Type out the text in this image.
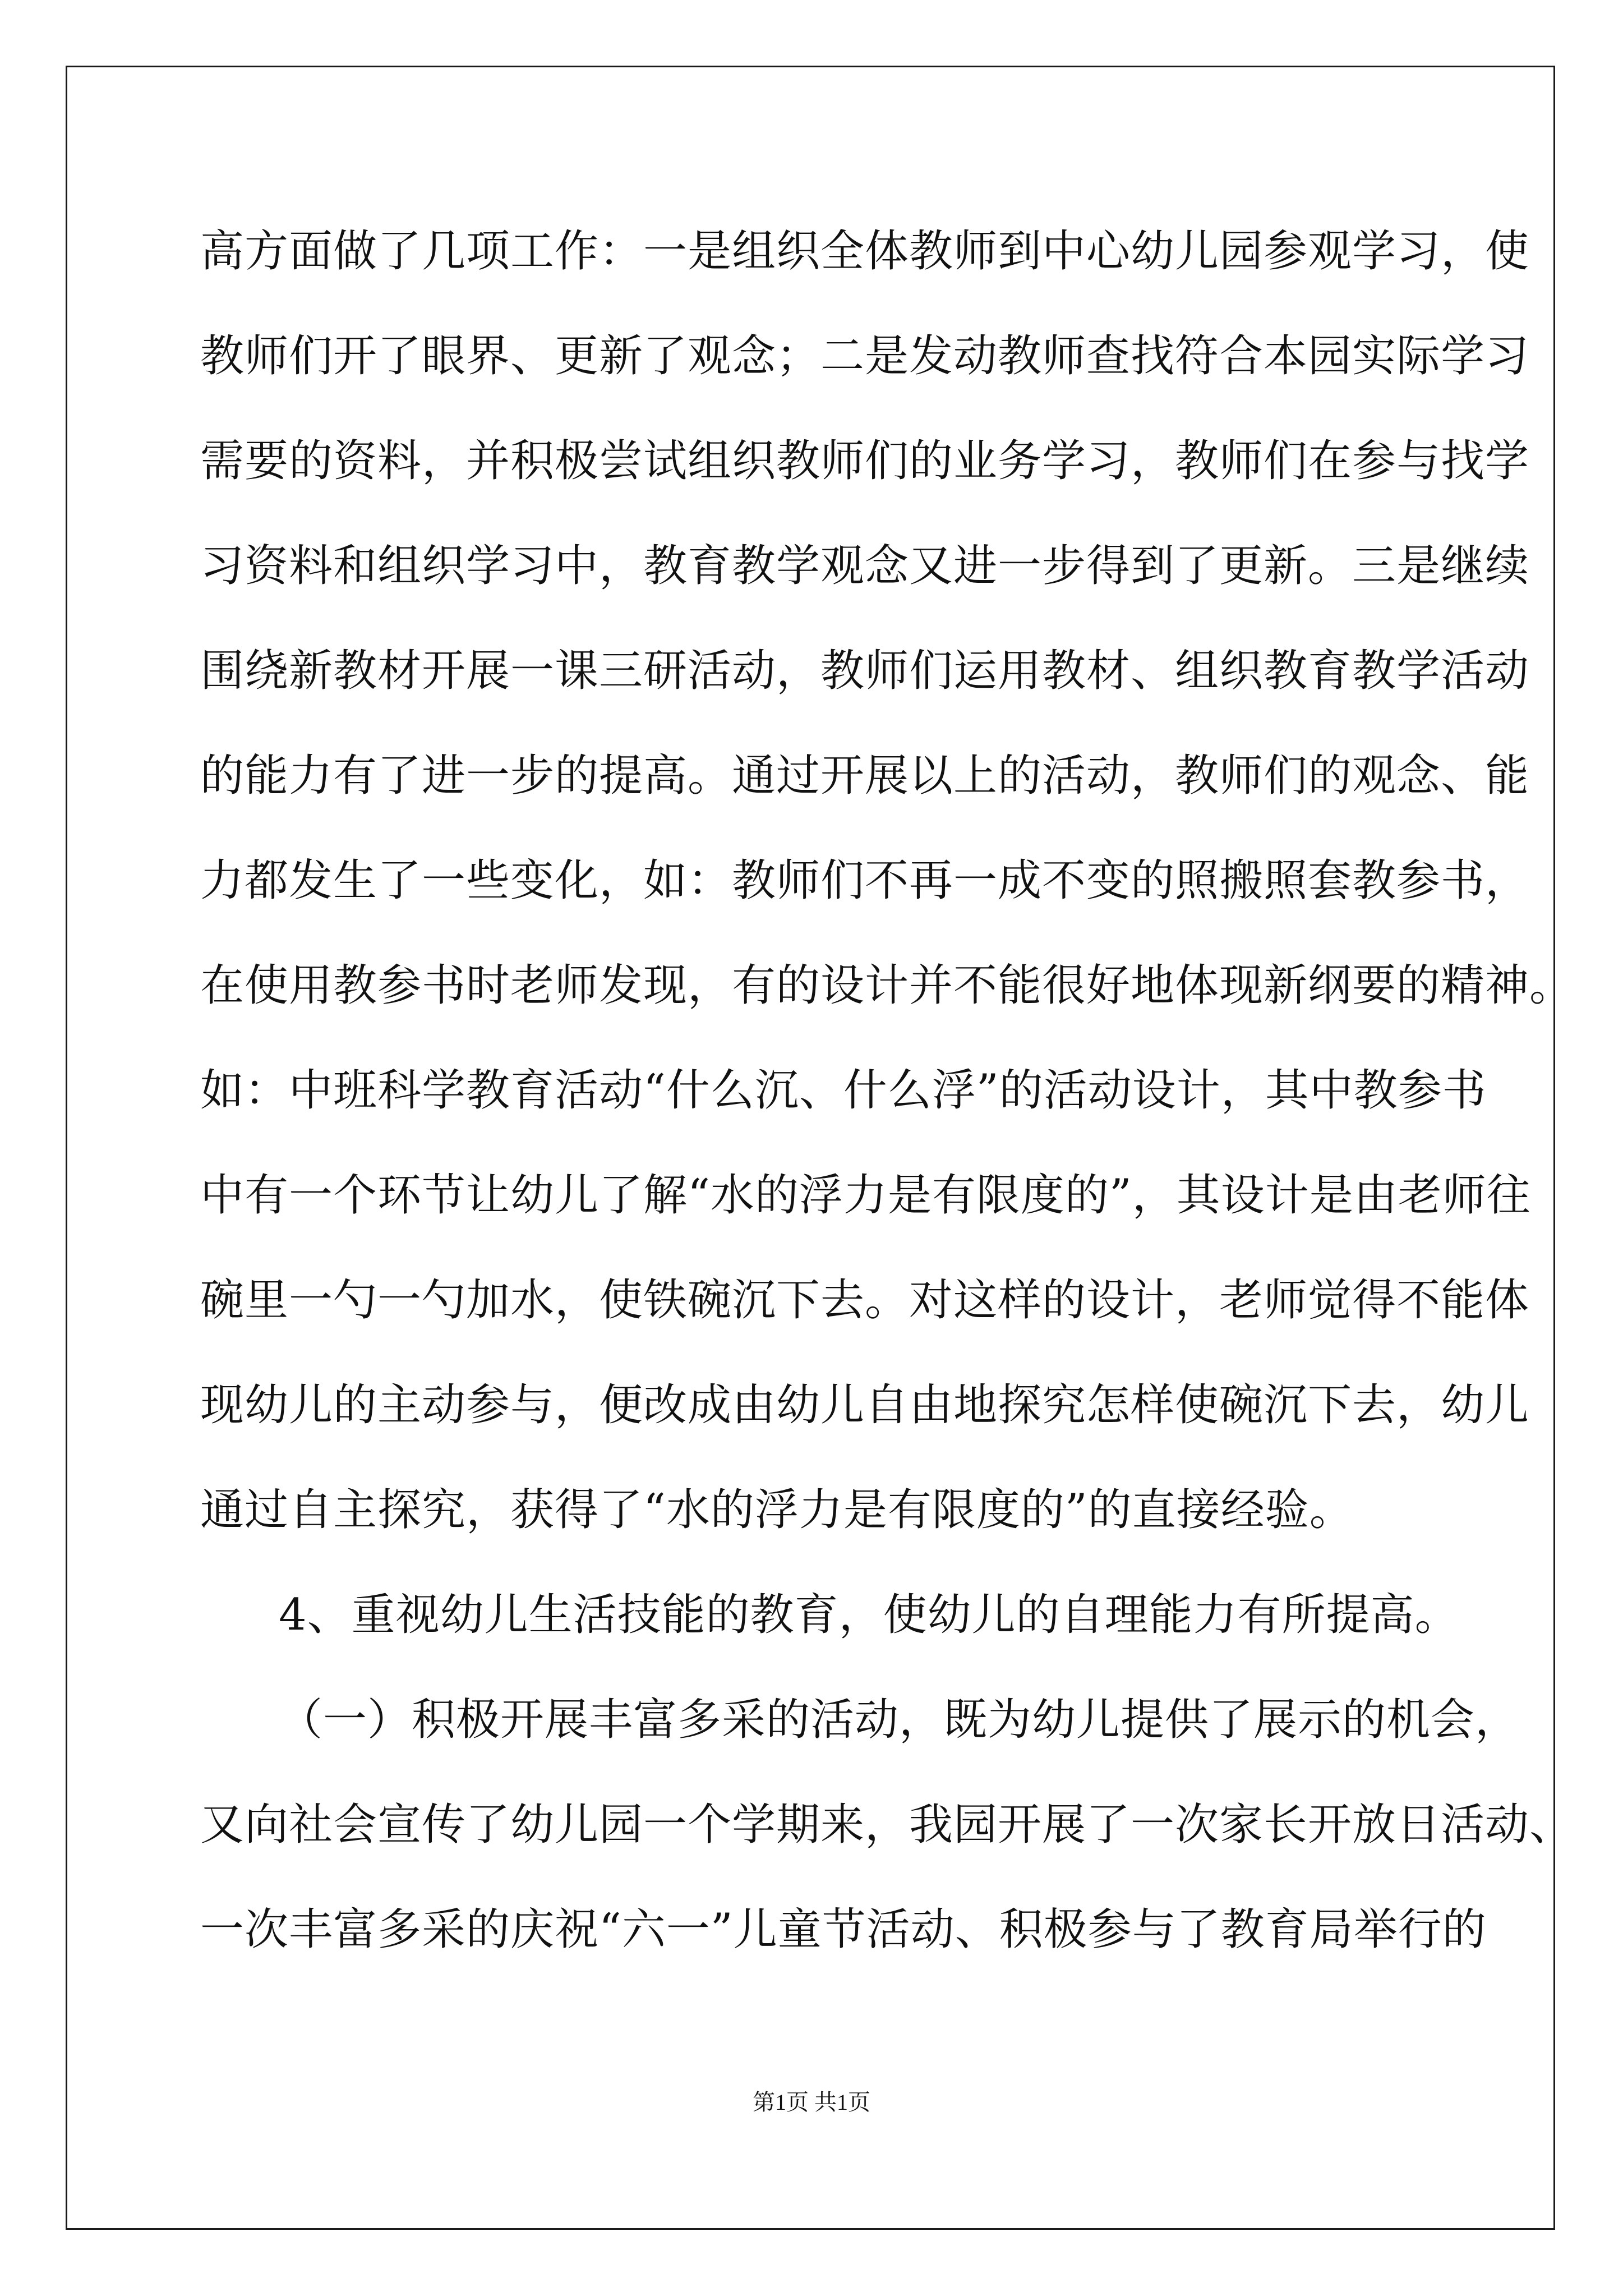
高方面做了几项工作：一是组织全体教师到中心幼儿园参观学习，使
教师们开了眼界、更新了观念；二是发动教师查找符合本园实际学习
需要的资料，并积极尝试组织教师们的业务学习，教师们在参与找学
习资料和组织学习中，教育教学观念又进一步得到了更新。三是继续
围绕新教材开展一课三研活动，教师们运用教材、组织教育教学活动
的能力有了进一步的提高。通过开展以上的活动，教师们的观念、能
力都发生了一些变化，如：教师们不再一成不变的照搬照套教参书，
在使用教参书时老师发现，有的设计并不能很好地体现新纲要的精神。
如：中班科学教育活动“什么沉、什么浮”的活动设计，其中教参书
中有一个环节让幼儿了解“水的浮力是有限度的”，其设计是由老师往
碗里一勺一勺加水，使铁碗沉下去。对这样的设计，老师觉得不能体
现幼儿的主动参与，便改成由幼儿自由地探究怎样使碗沉下去，幼儿
通过自主探究，获得了“水的浮力是有限度的”的直接经验。
4、重视幼儿生活技能的教育，使幼儿的自理能力有所提高。
（一）积极开展丰富多采的活动，既为幼儿提供了展示的机会，
又向社会宣传了幼儿园一个学期来，我园开展了一次家长开放日活动、
一次丰富多采的庆祝“六一”儿童节活动、积极参与了教育局举行的
第1页 共1页
